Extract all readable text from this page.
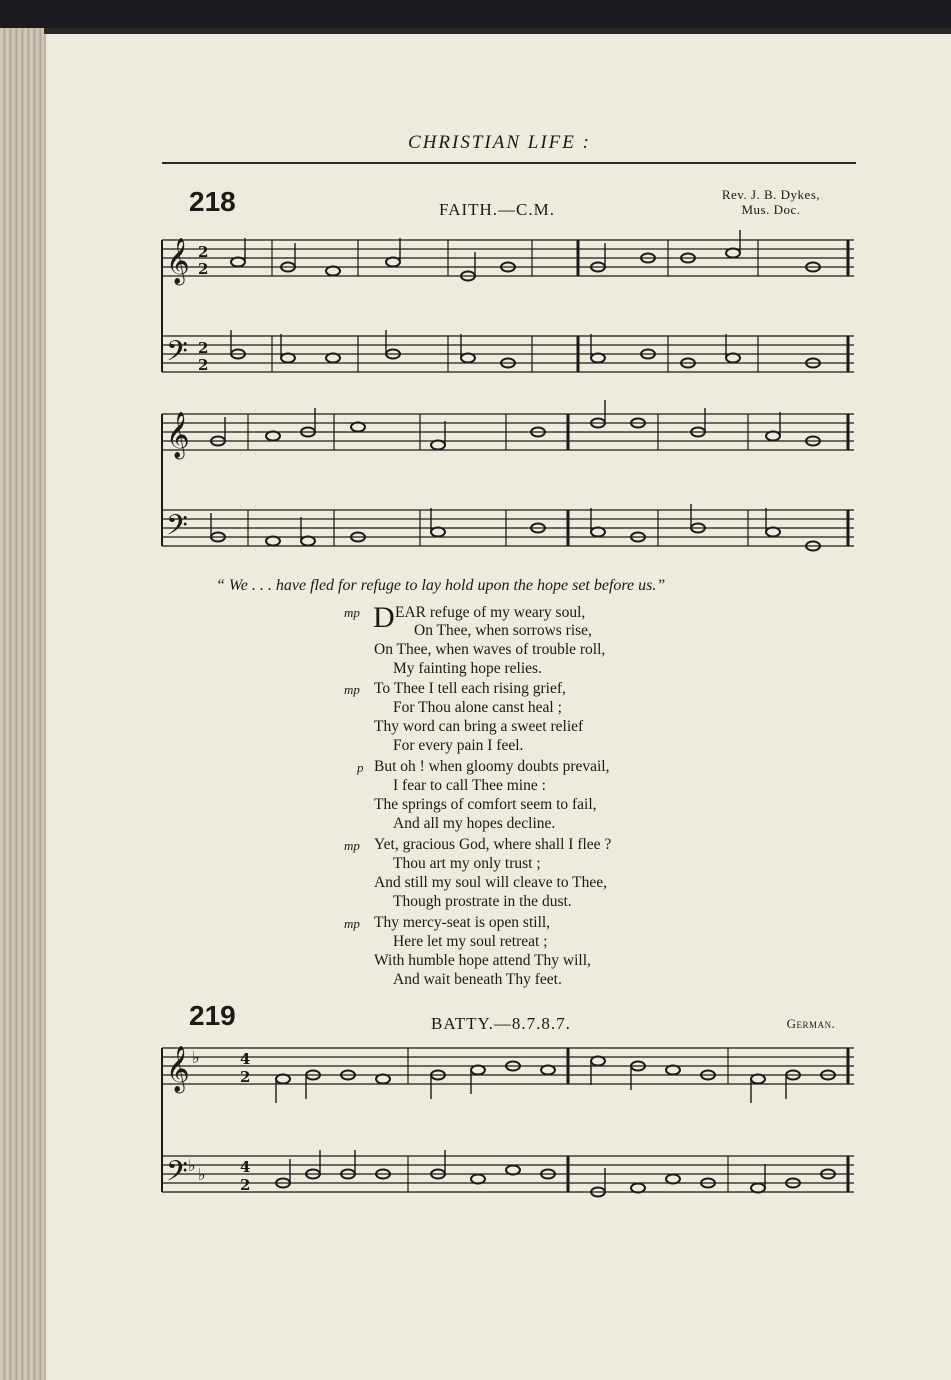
CHRISTIAN LIFE :
218	FAITH.—C.M.
Rev. J. B. Dykes,
Mus. Doc.
𝄞
𝄢
2
2
2
2
𝄞
𝄢
“ We . . . have fled for refuge to lay hold upon the hope set before us.”
mp D EAR refuge of my weary soul,
On Thee, when sorrows rise,
On Thee, when waves of trouble roll,
My fainting hope relies.
mp To Thee I tell each rising grief,
For Thou alone canst heal ;
Thy word can bring a sweet relief
For every pain I feel.
p But oh ! when gloomy doubts prevail,
I fear to call Thee mine :
The springs of comfort seem to fail,
And all my hopes decline.
mp Yet, gracious God, where shall I flee ?
Thou art my only trust ;
And still my soul will cleave to Thee,
Though prostrate in the dust.
mp Thy mercy-seat is open still,
Here let my soul retreat ;
With humble hope attend Thy will,
And wait beneath Thy feet.
219	BATTY.—8.7.8.7.	German.
𝄞
𝄢
♭
♭ ♭
4
2
4
2
